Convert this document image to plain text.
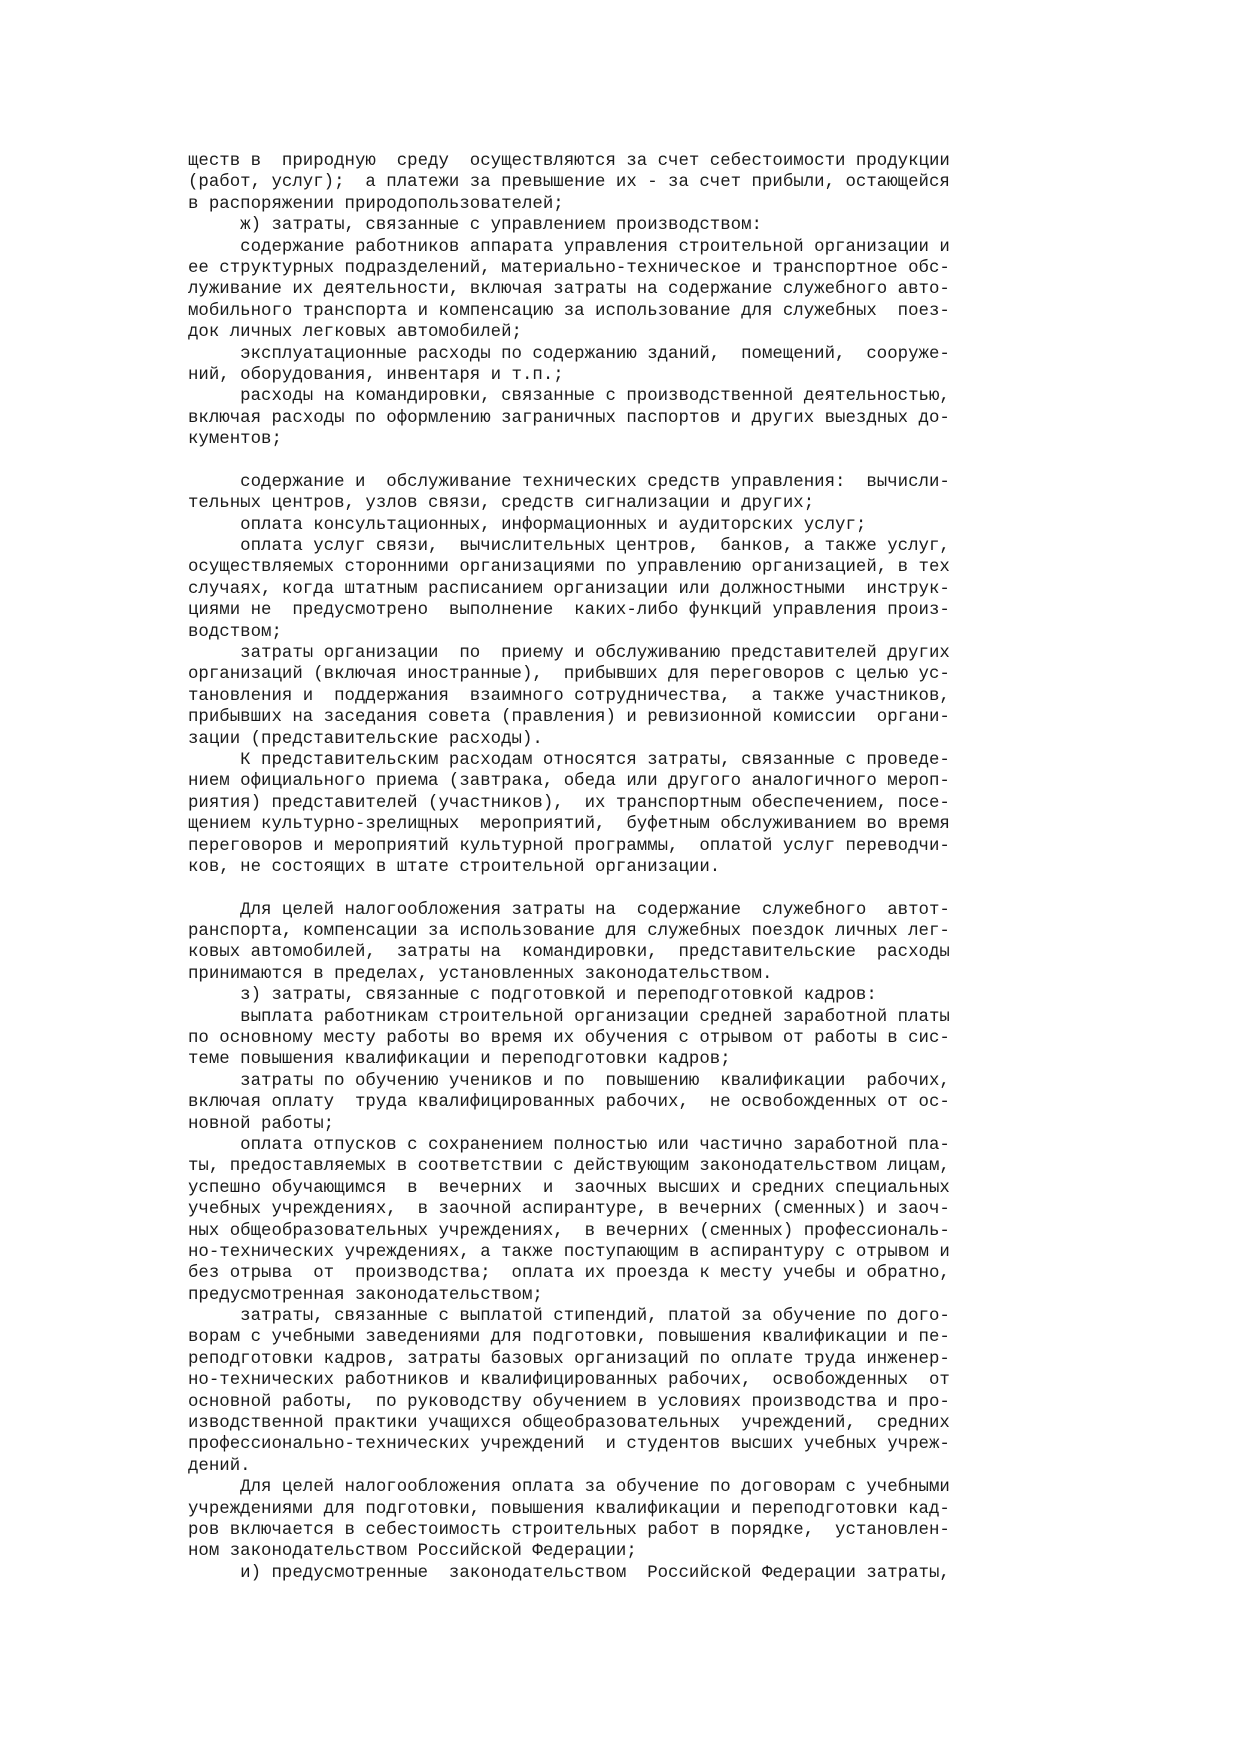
ществ в  природную  среду  осуществляются за счет себестоимости продукции
(работ, услуг);  а платежи за превышение их - за счет прибыли, остающейся
в распоряжении природопользователей;
ж) затраты, связанные с управлением производством:
содержание работников аппарата управления строительной организации и
ее структурных подразделений, материально-техническое и транспортное обс-
луживание их деятельности, включая затраты на содержание служебного авто-
мобильного транспорта и компенсацию за использование для служебных  поез-
док личных легковых автомобилей;
эксплуатационные расходы по содержанию зданий,  помещений,  сооруже-
ний, оборудования, инвентаря и т.п.;
расходы на командировки, связанные с производственной деятельностью,
включая расходы по оформлению заграничных паспортов и других выездных до-
кументов;
содержание и  обслуживание технических средств управления:  вычисли-
тельных центров, узлов связи, средств сигнализации и других;
оплата консультационных, информационных и аудиторских услуг;
оплата услуг связи,  вычислительных центров,  банков, а также услуг,
осуществляемых сторонними организациями по управлению организацией, в тех
случаях, когда штатным расписанием организации или должностными  инструк-
циями не  предусмотрено  выполнение  каких-либо функций управления произ-
водством;
затраты организации  по  приему и обслуживанию представителей других
организаций (включая иностранные),  прибывших для переговоров с целью ус-
тановления и  поддержания  взаимного сотрудничества,  а также участников,
прибывших на заседания совета (правления) и ревизионной комиссии  органи-
зации (представительские расходы).
К представительским расходам относятся затраты, связанные с проведе-
нием официального приема (завтрака, обеда или другого аналогичного мероп-
риятия) представителей (участников),  их транспортным обеспечением, посе-
щением культурно-зрелищных  мероприятий,  буфетным обслуживанием во время
переговоров и мероприятий культурной программы,  оплатой услуг переводчи-
ков, не состоящих в штате строительной организации.
Для целей налогообложения затраты на  содержание  служебного  автот-
ранспорта, компенсации за использование для служебных поездок личных лег-
ковых автомобилей,  затраты на  командировки,  представительские  расходы
принимаются в пределах, установленных законодательством.
з) затраты, связанные с подготовкой и переподготовкой кадров:
выплата работникам строительной организации средней заработной платы
по основному месту работы во время их обучения с отрывом от работы в сис-
теме повышения квалификации и переподготовки кадров;
затраты по обучению учеников и по  повышению  квалификации  рабочих,
включая оплату  труда квалифицированных рабочих,  не освобожденных от ос-
новной работы;
оплата отпусков с сохранением полностью или частично заработной пла-
ты, предоставляемых в соответствии с действующим законодательством лицам,
успешно обучающимся  в  вечерних  и  заочных высших и средних специальных
учебных учреждениях,  в заочной аспирантуре, в вечерних (сменных) и заоч-
ных общеобразовательных учреждениях,  в вечерних (сменных) профессиональ-
но-технических учреждениях, а также поступающим в аспирантуру с отрывом и
без отрыва  от  производства;  оплата их проезда к месту учебы и обратно,
предусмотренная законодательством;
затраты, связанные с выплатой стипендий, платой за обучение по дого-
ворам с учебными заведениями для подготовки, повышения квалификации и пе-
реподготовки кадров, затраты базовых организаций по оплате труда инженер-
но-технических работников и квалифицированных рабочих,  освобожденных  от
основной работы,  по руководству обучением в условиях производства и про-
изводственной практики учащихся общеобразовательных  учреждений,  средних
профессионально-технических учреждений  и студентов высших учебных учреж-
дений.
Для целей налогообложения оплата за обучение по договорам с учебными
учреждениями для подготовки, повышения квалификации и переподготовки кад-
ров включается в себестоимость строительных работ в порядке,  установлен-
ном законодательством Российской Федерации;
и) предусмотренные  законодательством  Российской Федерации затраты,
